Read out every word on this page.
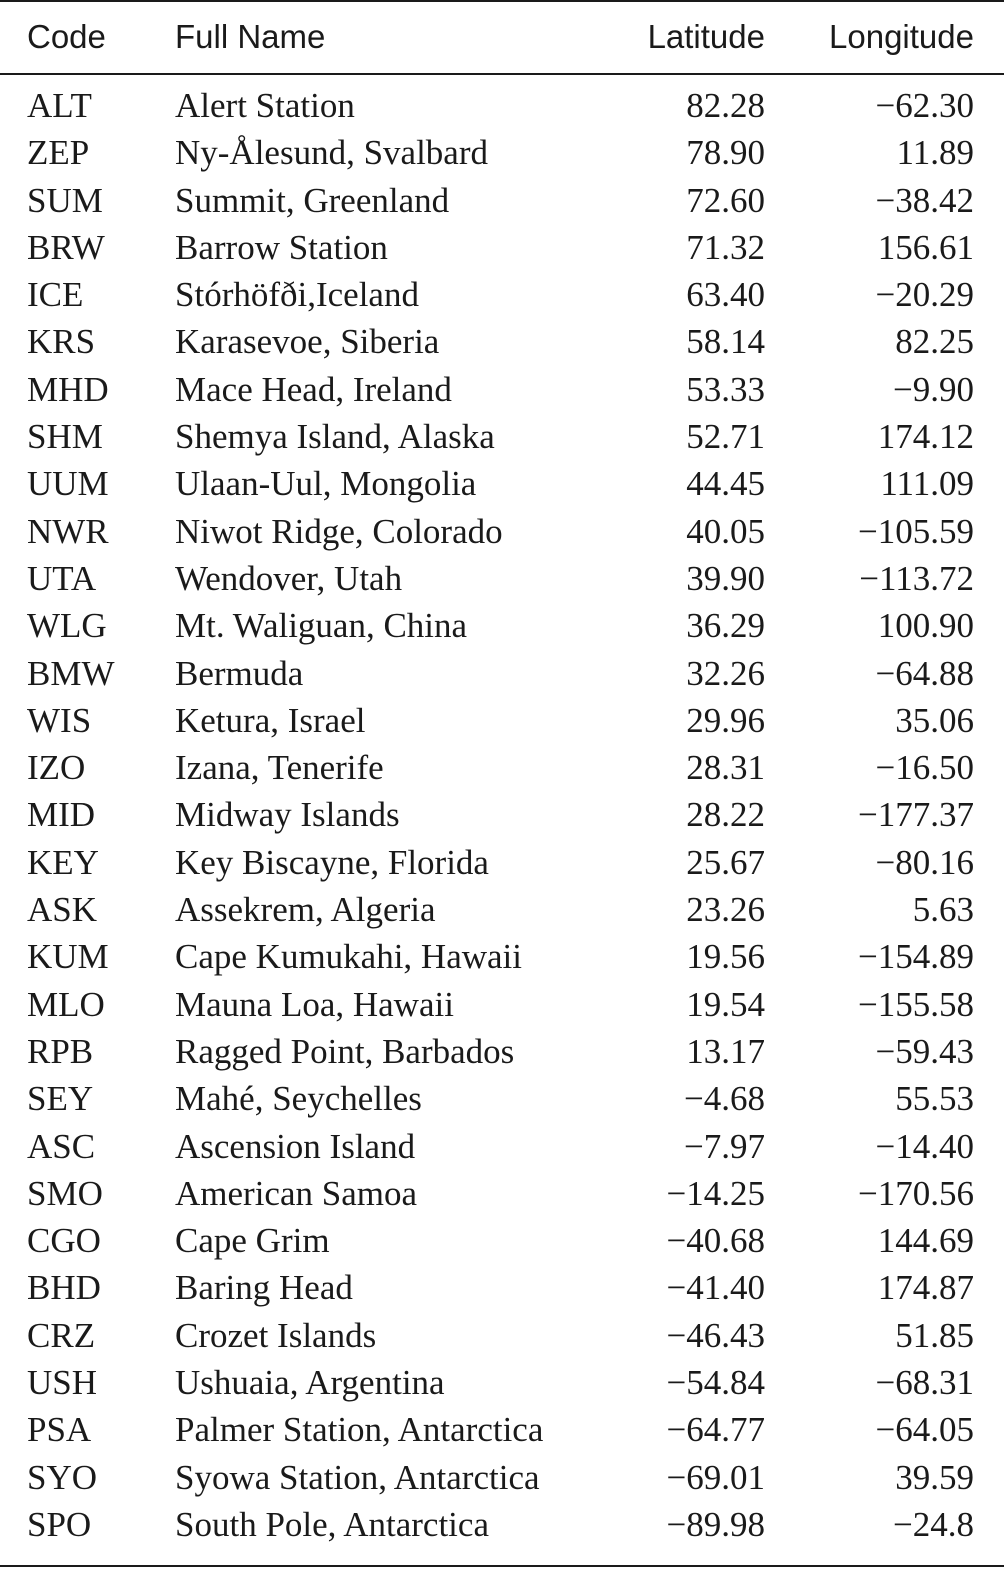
Code	Full Name	Latitude	Longitude

ALT	Alert Station	82.28	−62.30
ZEP	Ny-Ålesund, Svalbard	78.90	11.89
SUM	Summit, Greenland	72.60	−38.42
BRW	Barrow Station	71.32	156.61
ICE	Stórhöfði,Iceland	63.40	−20.29
KRS	Karasevoe, Siberia	58.14	82.25
MHD	Mace Head, Ireland	53.33	−9.90
SHM	Shemya Island, Alaska	52.71	174.12
UUM	Ulaan-Uul, Mongolia	44.45	111.09
NWR	Niwot Ridge, Colorado	40.05	−105.59
UTA	Wendover, Utah	39.90	−113.72
WLG	Mt. Waliguan, China	36.29	100.90
BMW	Bermuda	32.26	−64.88
WIS	Ketura, Israel	29.96	35.06
IZO	Izana, Tenerife	28.31	−16.50
MID	Midway Islands	28.22	−177.37
KEY	Key Biscayne, Florida	25.67	−80.16
ASK	Assekrem, Algeria	23.26	5.63
KUM	Cape Kumukahi, Hawaii	19.56	−154.89
MLO	Mauna Loa, Hawaii	19.54	−155.58
RPB	Ragged Point, Barbados	13.17	−59.43
SEY	Mahé, Seychelles	−4.68	55.53
ASC	Ascension Island	−7.97	−14.40
SMO	American Samoa	−14.25	−170.56
CGO	Cape Grim	−40.68	144.69
BHD	Baring Head	−41.40	174.87
CRZ	Crozet Islands	−46.43	51.85
USH	Ushuaia, Argentina	−54.84	−68.31
PSA	Palmer Station, Antarctica	−64.77	−64.05
SYO	Syowa Station, Antarctica	−69.01	39.59
SPO	South Pole, Antarctica	−89.98	−24.8
